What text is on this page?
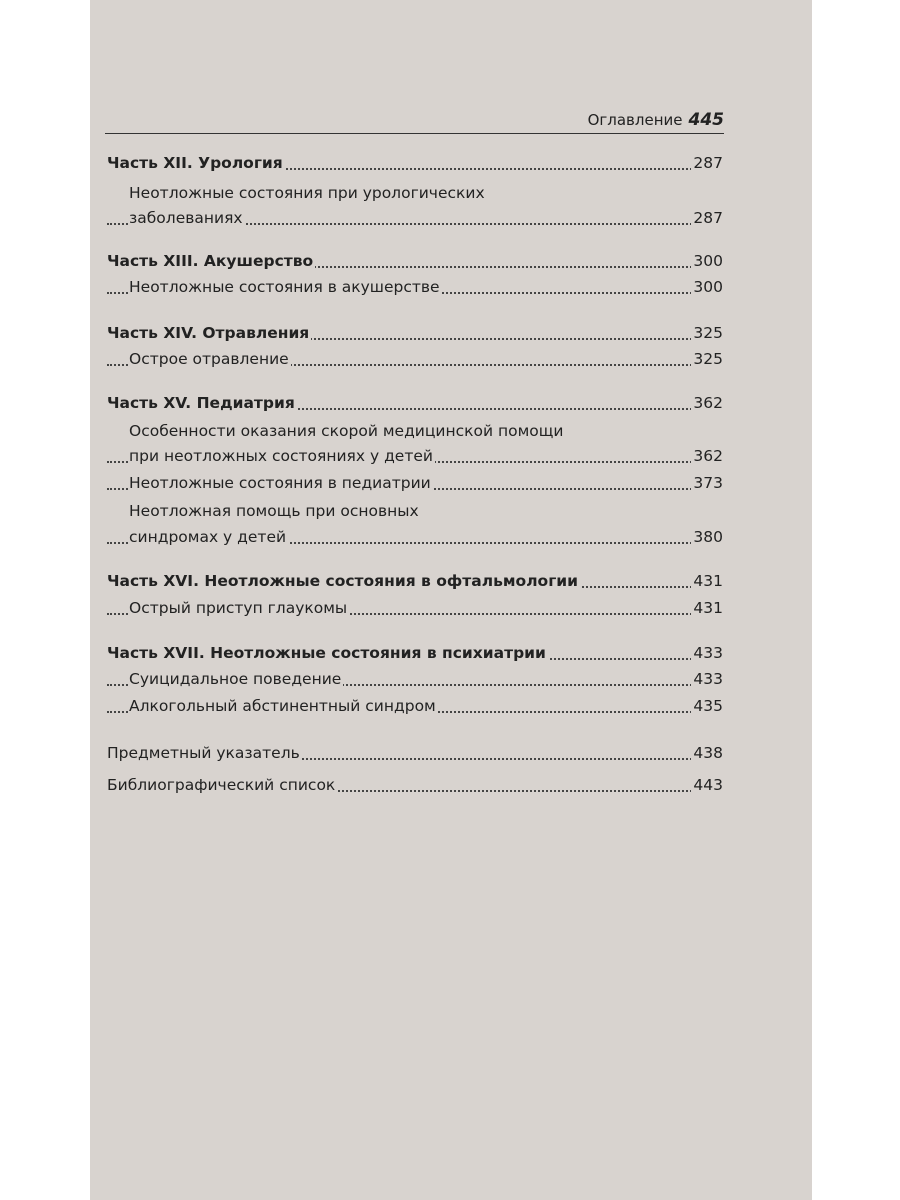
Оглавление 445
Часть XII. Урология	287
Неотложные состояния при урологических
заболеваниях	287
Часть XIII. Акушерство	300
Неотложные состояния в акушерстве	300
Часть XIV. Отравления	325
Острое отравление	325
Часть XV. Педиатрия	362
Особенности оказания скорой медицинской помощи
при неотложных состояниях у детей	362
Неотложные состояния в педиатрии	373
Неотложная помощь при основных
синдромах у детей	380
Часть XVI. Неотложные состояния в офтальмологии	431
Острый приступ глаукомы	431
Часть XVII. Неотложные состояния в психиатрии	433
Суицидальное поведение	433
Алкогольный абстинентный синдром	435
Предметный указатель	438
Библиографический список	443
